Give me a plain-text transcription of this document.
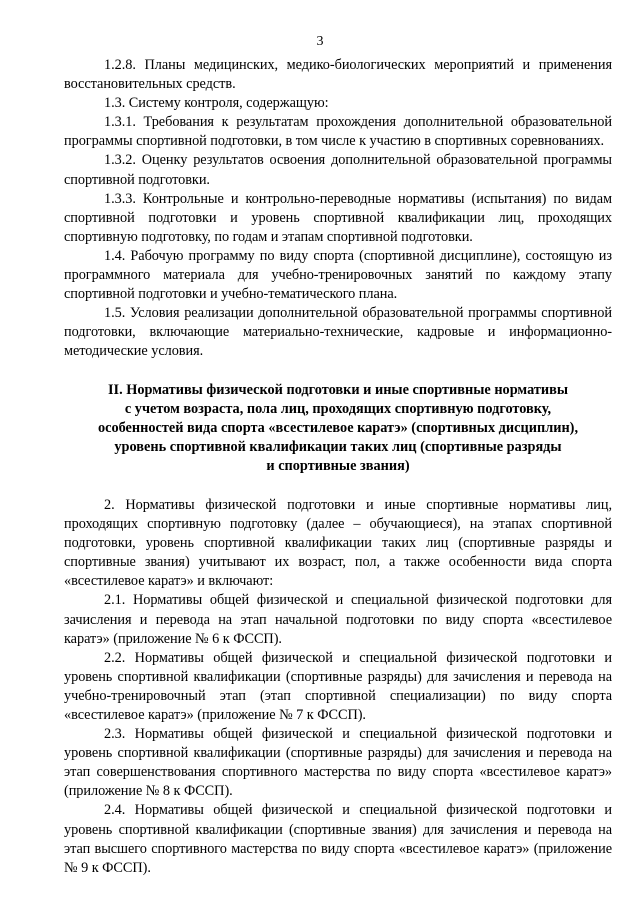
3

1.2.8. Планы медицинских, медико-биологических мероприятий и применения восстановительных средств.

1.3. Систему контроля, содержащую:

1.3.1. Требования к результатам прохождения дополнительной образовательной программы спортивной подготовки, в том числе к участию в спортивных соревнованиях.

1.3.2. Оценку результатов освоения дополнительной образовательной программы спортивной подготовки.

1.3.3. Контрольные и контрольно-переводные нормативы (испытания) по видам спортивной подготовки и уровень спортивной квалификации лиц, проходящих спортивную подготовку, по годам и этапам спортивной подготовки.

1.4. Рабочую программу по виду спорта (спортивной дисциплине), состоящую из программного материала для учебно-тренировочных занятий по каждому этапу спортивной подготовки и учебно-тематического плана.

1.5. Условия реализации дополнительной образовательной программы спортивной подготовки, включающие материально-технические, кадровые и информационно-методические условия.

II. Нормативы физической подготовки и иные спортивные нормативы
с учетом возраста, пола лиц, проходящих спортивную подготовку,
особенностей вида спорта «всестилевое каратэ» (спортивных дисциплин),
уровень спортивной квалификации таких лиц (спортивные разряды
и спортивные звания)

2. Нормативы физической подготовки и иные спортивные нормативы лиц, проходящих спортивную подготовку (далее – обучающиеся), на этапах спортивной подготовки, уровень спортивной квалификации таких лиц (спортивные разряды и спортивные звания) учитывают их возраст, пол, а также особенности вида спорта «всестилевое каратэ» и включают:

2.1. Нормативы общей физической и специальной физической подготовки для зачисления и перевода на этап начальной подготовки по виду спорта «всестилевое каратэ» (приложение № 6 к ФССП).

2.2. Нормативы общей физической и специальной физической подготовки и уровень спортивной квалификации (спортивные разряды) для зачисления и перевода на учебно-тренировочный этап (этап спортивной специализации) по виду спорта «всестилевое каратэ» (приложение № 7 к ФССП).

2.3. Нормативы общей физической и специальной физической подготовки и уровень спортивной квалификации (спортивные разряды) для зачисления и перевода на этап совершенствования спортивного мастерства по виду спорта «всестилевое каратэ» (приложение № 8 к ФССП).

2.4. Нормативы общей физической и специальной физической подготовки и уровень спортивной квалификации (спортивные звания) для зачисления и перевода на этап высшего спортивного мастерства по виду спорта «всестилевое каратэ» (приложение № 9 к ФССП).
